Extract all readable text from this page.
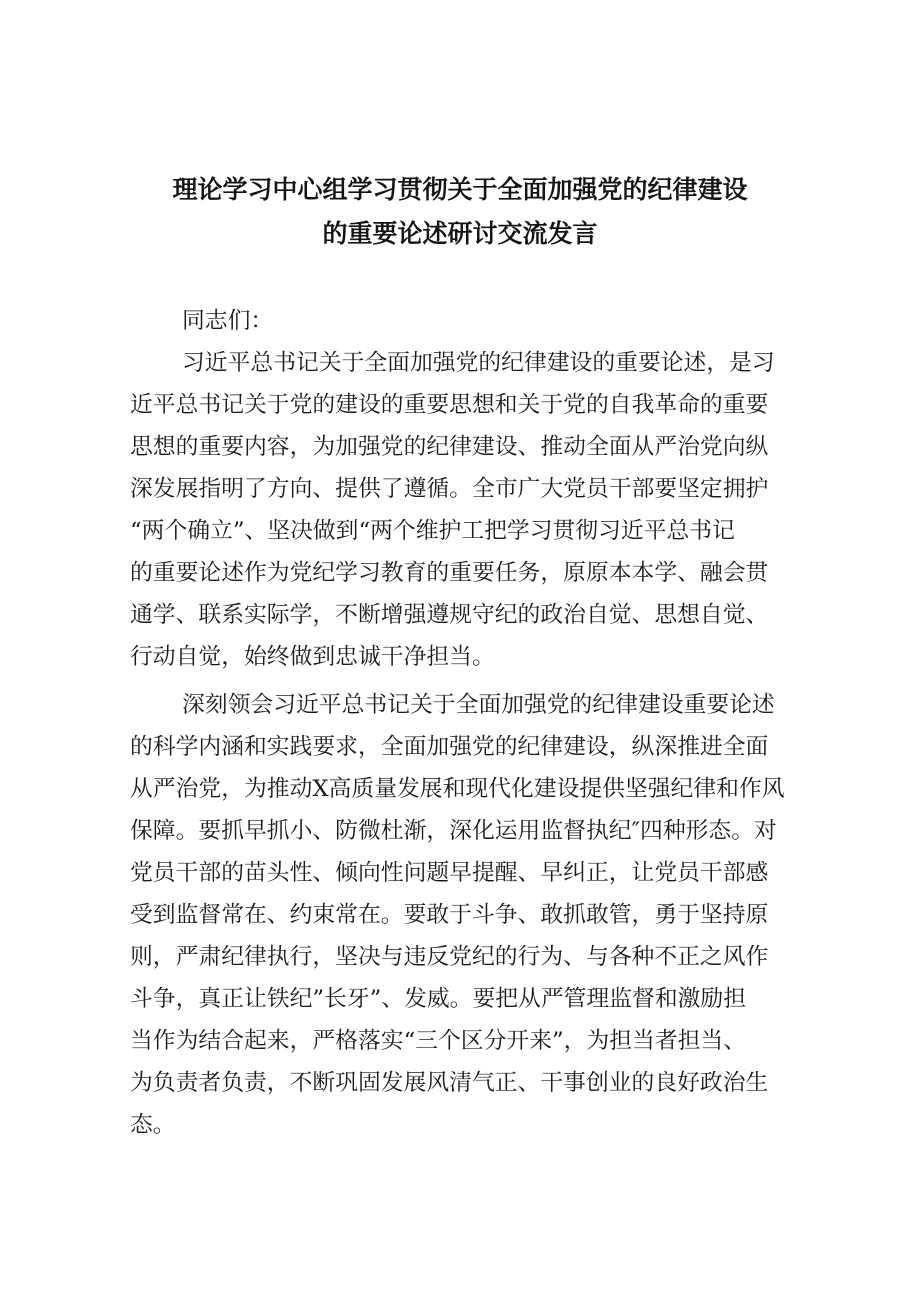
理论学习中心组学习贯彻关于全面加强党的纪律建设
的重要论述研讨交流发言
同志们：
习近平总书记关于全面加强党的纪律建设的重要论述，是习
近平总书记关于党的建设的重要思想和关于党的自我革命的重要
思想的重要内容，为加强党的纪律建设、推动全面从严治党向纵
深发展指明了方向、提供了遵循。全市广大党员干部要坚定拥护
“两个确立”、坚决做到“两个维护工把学习贯彻习近平总书记
的重要论述作为党纪学习教育的重要任务，原原本本学、融会贯
通学、联系实际学，不断增强遵规守纪的政治自觉、思想自觉、
行动自觉，始终做到忠诚干净担当。
深刻领会习近平总书记关于全面加强党的纪律建设重要论述
的科学内涵和实践要求，全面加强党的纪律建设，纵深推进全面
从严治党，为推动X高质量发展和现代化建设提供坚强纪律和作风
保障。要抓早抓小、防微杜渐，深化运用监督执纪″四种形态。对
党员干部的苗头性、倾向性问题早提醒、早纠正，让党员干部感
受到监督常在、约束常在。要敢于斗争、敢抓敢管，勇于坚持原
则，严肃纪律执行，坚决与违反党纪的行为、与各种不正之风作
斗争，真正让铁纪”长牙”、发威。要把从严管理监督和激励担
当作为结合起来，严格落实“三个区分开来”，为担当者担当、
为负责者负责，不断巩固发展风清气正、干事创业的良好政治生
态。
